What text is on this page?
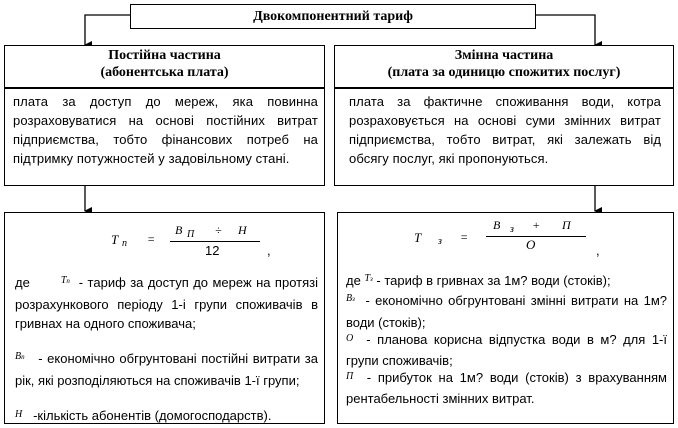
Двокомпонентний тариф
Постійна частина
(абонентська плата)
Змінна частина
(плата за одиницю спожитих послуг)
плата за доступ до мереж, яка повинна розраховуватися на основі постійних витрат підприємства, тобто фінансових потреб на підтримку потужностей у задовільному стані.
плата за фактичне споживання води, котра розраховується на основі суми змінних витрат підприємства, тобто витрат, які залежать від обсягу послуг, які пропонуються.
Т п =
В П ÷ Н
12	,
де	$^{Тп}$ - тариф за доступ до мереж на протязі розрахункового періоду 1-і групи споживачів в гривнах на одного споживача;
$^{Вп}$ - економічно обгрунтовані постійні витрати за рік, які розподіляються на споживачів 1-ї групи;
$^Н$ -кількість абонентів (домогосподарств).
Т з =
В з + П
О	,
де $^{Тз}$ - тариф в гривнах за 1м? води (стоків);
$^{Вз}$ - економічно обгрунтовані змінні витрати на 1м? води (стоків);
$^О$ - планова корисна відпустка води в м? для 1-ї групи споживачів;
$^П$ - прибуток на 1м? води (стоків) з врахуванням рентабельності змінних витрат.
